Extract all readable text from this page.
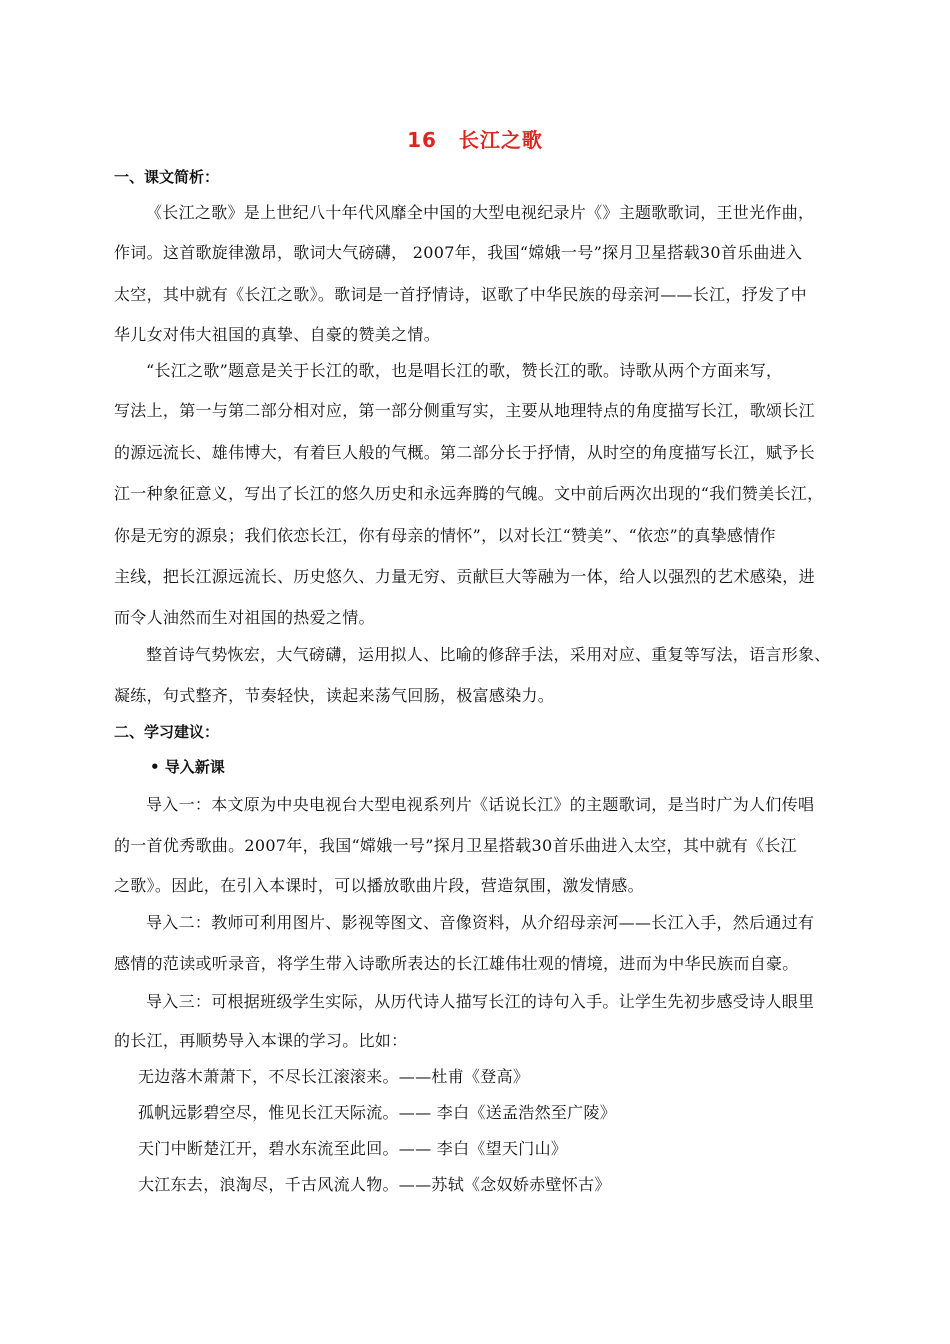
16 长江之歌
一、课文简析：
《长江之歌》是上世纪八十年代风靡全中国的大型电视纪录片《》主题歌歌词，王世光作曲，
作词。这首歌旋律激昂，歌词大气磅礴， 2007年，我国“嫦娥一号”探月卫星搭载30首乐曲进入
太空，其中就有《长江之歌》。歌词是一首抒情诗，讴歌了中华民族的母亲河——长江，抒发了中
华儿女对伟大祖国的真挚、自豪的赞美之情。
“长江之歌”题意是关于长江的歌，也是唱长江的歌，赞长江的歌。诗歌从两个方面来写，
写法上，第一与第二部分相对应，第一部分侧重写实，主要从地理特点的角度描写长江，歌颂长江
的源远流长、雄伟博大，有着巨人般的气概。第二部分长于抒情，从时空的角度描写长江，赋予长
江一种象征意义，写出了长江的悠久历史和永远奔腾的气魄。文中前后两次出现的“我们赞美长江，
你是无穷的源泉；我们依恋长江，你有母亲的情怀”，以对长江“赞美”、“依恋”的真挚感情作
主线，把长江源远流长、历史悠久、力量无穷、贡献巨大等融为一体，给人以强烈的艺术感染，进
而令人油然而生对祖国的热爱之情。
整首诗气势恢宏，大气磅礴，运用拟人、比喻的修辞手法，采用对应、重复等写法，语言形象、
凝练，句式整齐，节奏轻快，读起来荡气回肠，极富感染力。
二、学习建议：
• 导入新课
导入一：本文原为中央电视台大型电视系列片《话说长江》的主题歌词，是当时广为人们传唱
的一首优秀歌曲。2007年，我国“嫦娥一号”探月卫星搭载30首乐曲进入太空，其中就有《长江
之歌》。因此，在引入本课时，可以播放歌曲片段，营造氛围，激发情感。
导入二：教师可利用图片、影视等图文、音像资料，从介绍母亲河——长江入手，然后通过有
感情的范读或听录音，将学生带入诗歌所表达的长江雄伟壮观的情境，进而为中华民族而自豪。
导入三：可根据班级学生实际，从历代诗人描写长江的诗句入手。让学生先初步感受诗人眼里
的长江，再顺势导入本课的学习。比如：
无边落木萧萧下，不尽长江滚滚来。——杜甫《登高》
孤帆远影碧空尽，惟见长江天际流。—— 李白《送孟浩然至广陵》
天门中断楚江开，碧水东流至此回。—— 李白《望天门山》
大江东去，浪淘尽，千古风流人物。——苏轼《念奴娇赤壁怀古》
